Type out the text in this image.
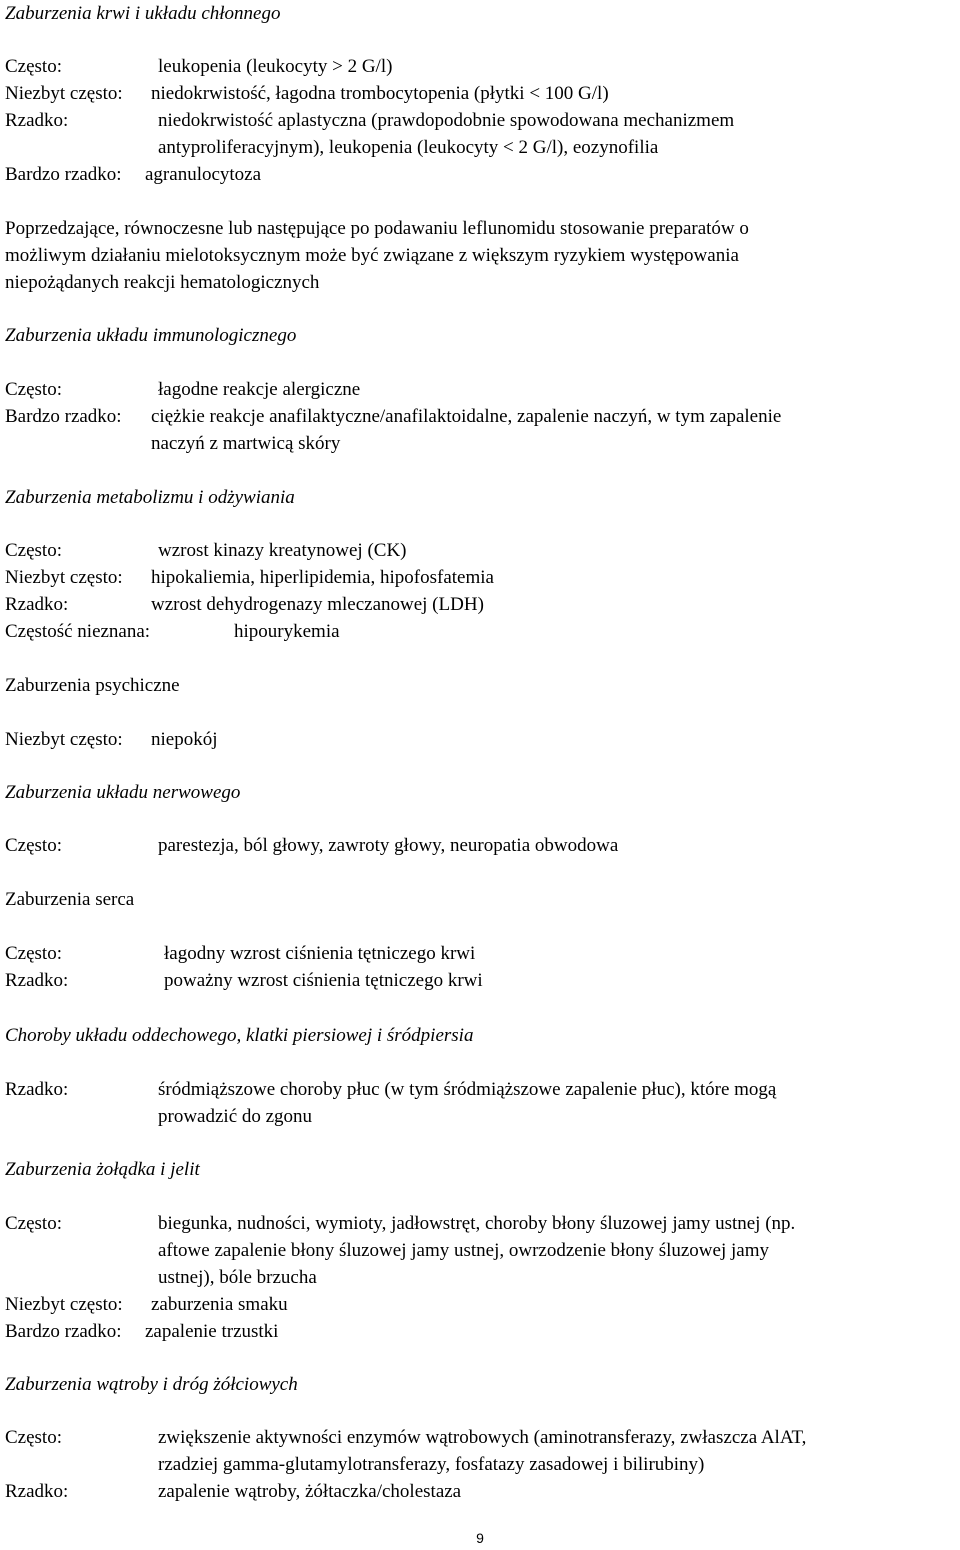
Zaburzenia krwi i układu chłonnego
Często:	leukopenia (leukocyty > 2 G/l)
Niezbyt często: niedokrwistość, łagodna trombocytopenia (płytki < 100 G/l)
Rzadko:	niedokrwistość aplastyczna (prawdopodobnie spowodowana mechanizmem
antyproliferacyjnym), leukopenia (leukocyty < 2 G/l), eozynofilia
Bardzo rzadko: agranulocytoza
Poprzedzające, równoczesne lub następujące po podawaniu leflunomidu stosowanie preparatów o
możliwym działaniu mielotoksycznym może być związane z większym ryzykiem występowania
niepożądanych reakcji hematologicznych
Zaburzenia układu immunologicznego
Często:	łagodne reakcje alergiczne
Bardzo rzadko: ciężkie reakcje anafilaktyczne/anafilaktoidalne, zapalenie naczyń, w tym zapalenie
naczyń z martwicą skóry
Zaburzenia metabolizmu i odżywiania
Często:	wzrost kinazy kreatynowej (CK)
Niezbyt często: hipokaliemia, hiperlipidemia, hipofosfatemia
Rzadko:	wzrost dehydrogenazy mleczanowej (LDH)
Częstość nieznana:	hipourykemia
Zaburzenia psychiczne
Niezbyt często: niepokój
Zaburzenia układu nerwowego
Często:	parestezja, ból głowy, zawroty głowy, neuropatia obwodowa
Zaburzenia serca
Często:	łagodny wzrost ciśnienia tętniczego krwi
Rzadko:	poważny wzrost ciśnienia tętniczego krwi
Choroby układu oddechowego, klatki piersiowej i śródpiersia
Rzadko:	śródmiąższowe choroby płuc (w tym śródmiąższowe zapalenie płuc), które mogą
prowadzić do zgonu
Zaburzenia żołądka i jelit
Często:	biegunka, nudności, wymioty, jadłowstręt, choroby błony śluzowej jamy ustnej (np.
aftowe zapalenie błony śluzowej jamy ustnej, owrzodzenie błony śluzowej jamy
ustnej), bóle brzucha
Niezbyt często: zaburzenia smaku
Bardzo rzadko: zapalenie trzustki
Zaburzenia wątroby i dróg żółciowych
Często:	zwiększenie aktywności enzymów wątrobowych (aminotransferazy, zwłaszcza AlAT,
rzadziej gamma-glutamylotransferazy, fosfatazy zasadowej i bilirubiny)
Rzadko:	zapalenie wątroby, żółtaczka/cholestaza
9
